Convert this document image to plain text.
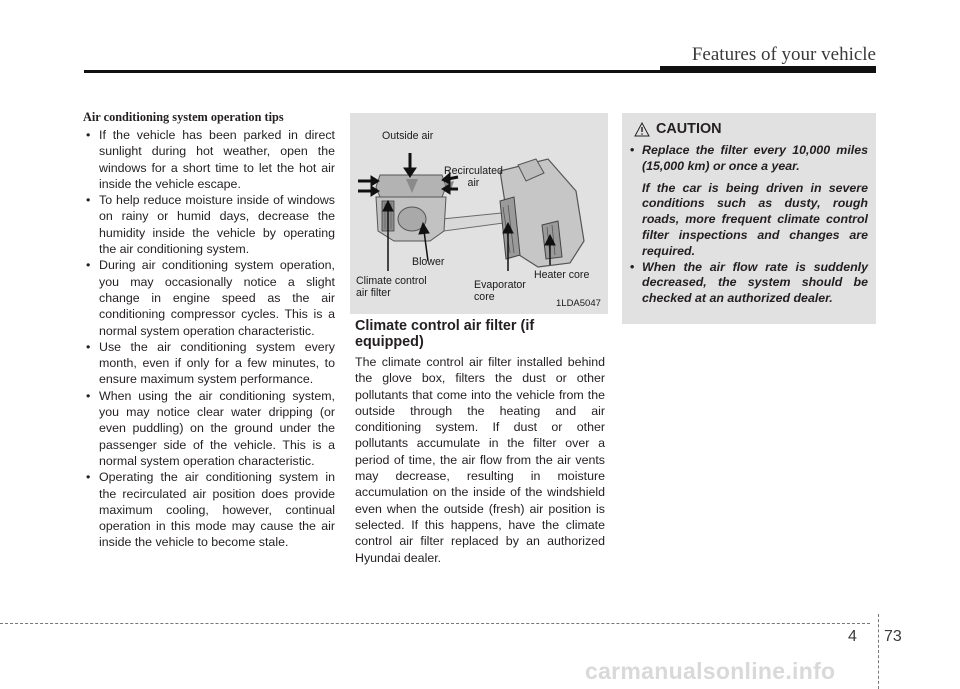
Features of your vehicle
Air conditioning system operation tips
• If the vehicle has been parked in direct sunlight during hot weather, open the windows for a short time to let the hot air inside the vehicle escape.
• To help reduce moisture inside of windows on rainy or humid days, decrease the humidity inside the vehicle by operating the air conditioning system.
• During air conditioning system operation, you may occasionally notice a slight change in engine speed as the air conditioning compressor cycles. This is a normal system operation characteristic.
• Use the air conditioning system every month, even if only for a few minutes, to ensure maximum system performance.
• When using the air conditioning system, you may notice clear water dripping (or even puddling) on the ground under the passenger side of the vehicle. This is a normal system operation characteristic.
• Operating the air conditioning system in the recirculated air position does provide maximum cooling, however, continual operation in this mode may cause the air inside the vehicle to become stale.
Outside air
Recirculated
air
Blower
Climate control
air filter
Evaporator
core
Heater core
1LDA5047
Climate control air filter (if equipped)

The climate control air filter installed behind the glove box, filters the dust or other pollutants that come into the vehicle from the outside through the heating and air conditioning system. If dust or other pollutants accumulate in the filter over a period of time, the air flow from the air vents may decrease, resulting in moisture accumulation on the inside of the windshield even when the outside (fresh) air position is selected. If this happens, have the climate control air filter replaced by an authorized Hyundai dealer.

CAUTION
• Replace the filter every 10,000 miles (15,000 km) or once a year.
If the car is being driven in severe conditions such as dusty, rough roads, more frequent climate control filter inspections and changes are required.
• When the air flow rate is suddenly decreased, the system should be checked at an authorized dealer.
4 73
carmanualsonline.info
